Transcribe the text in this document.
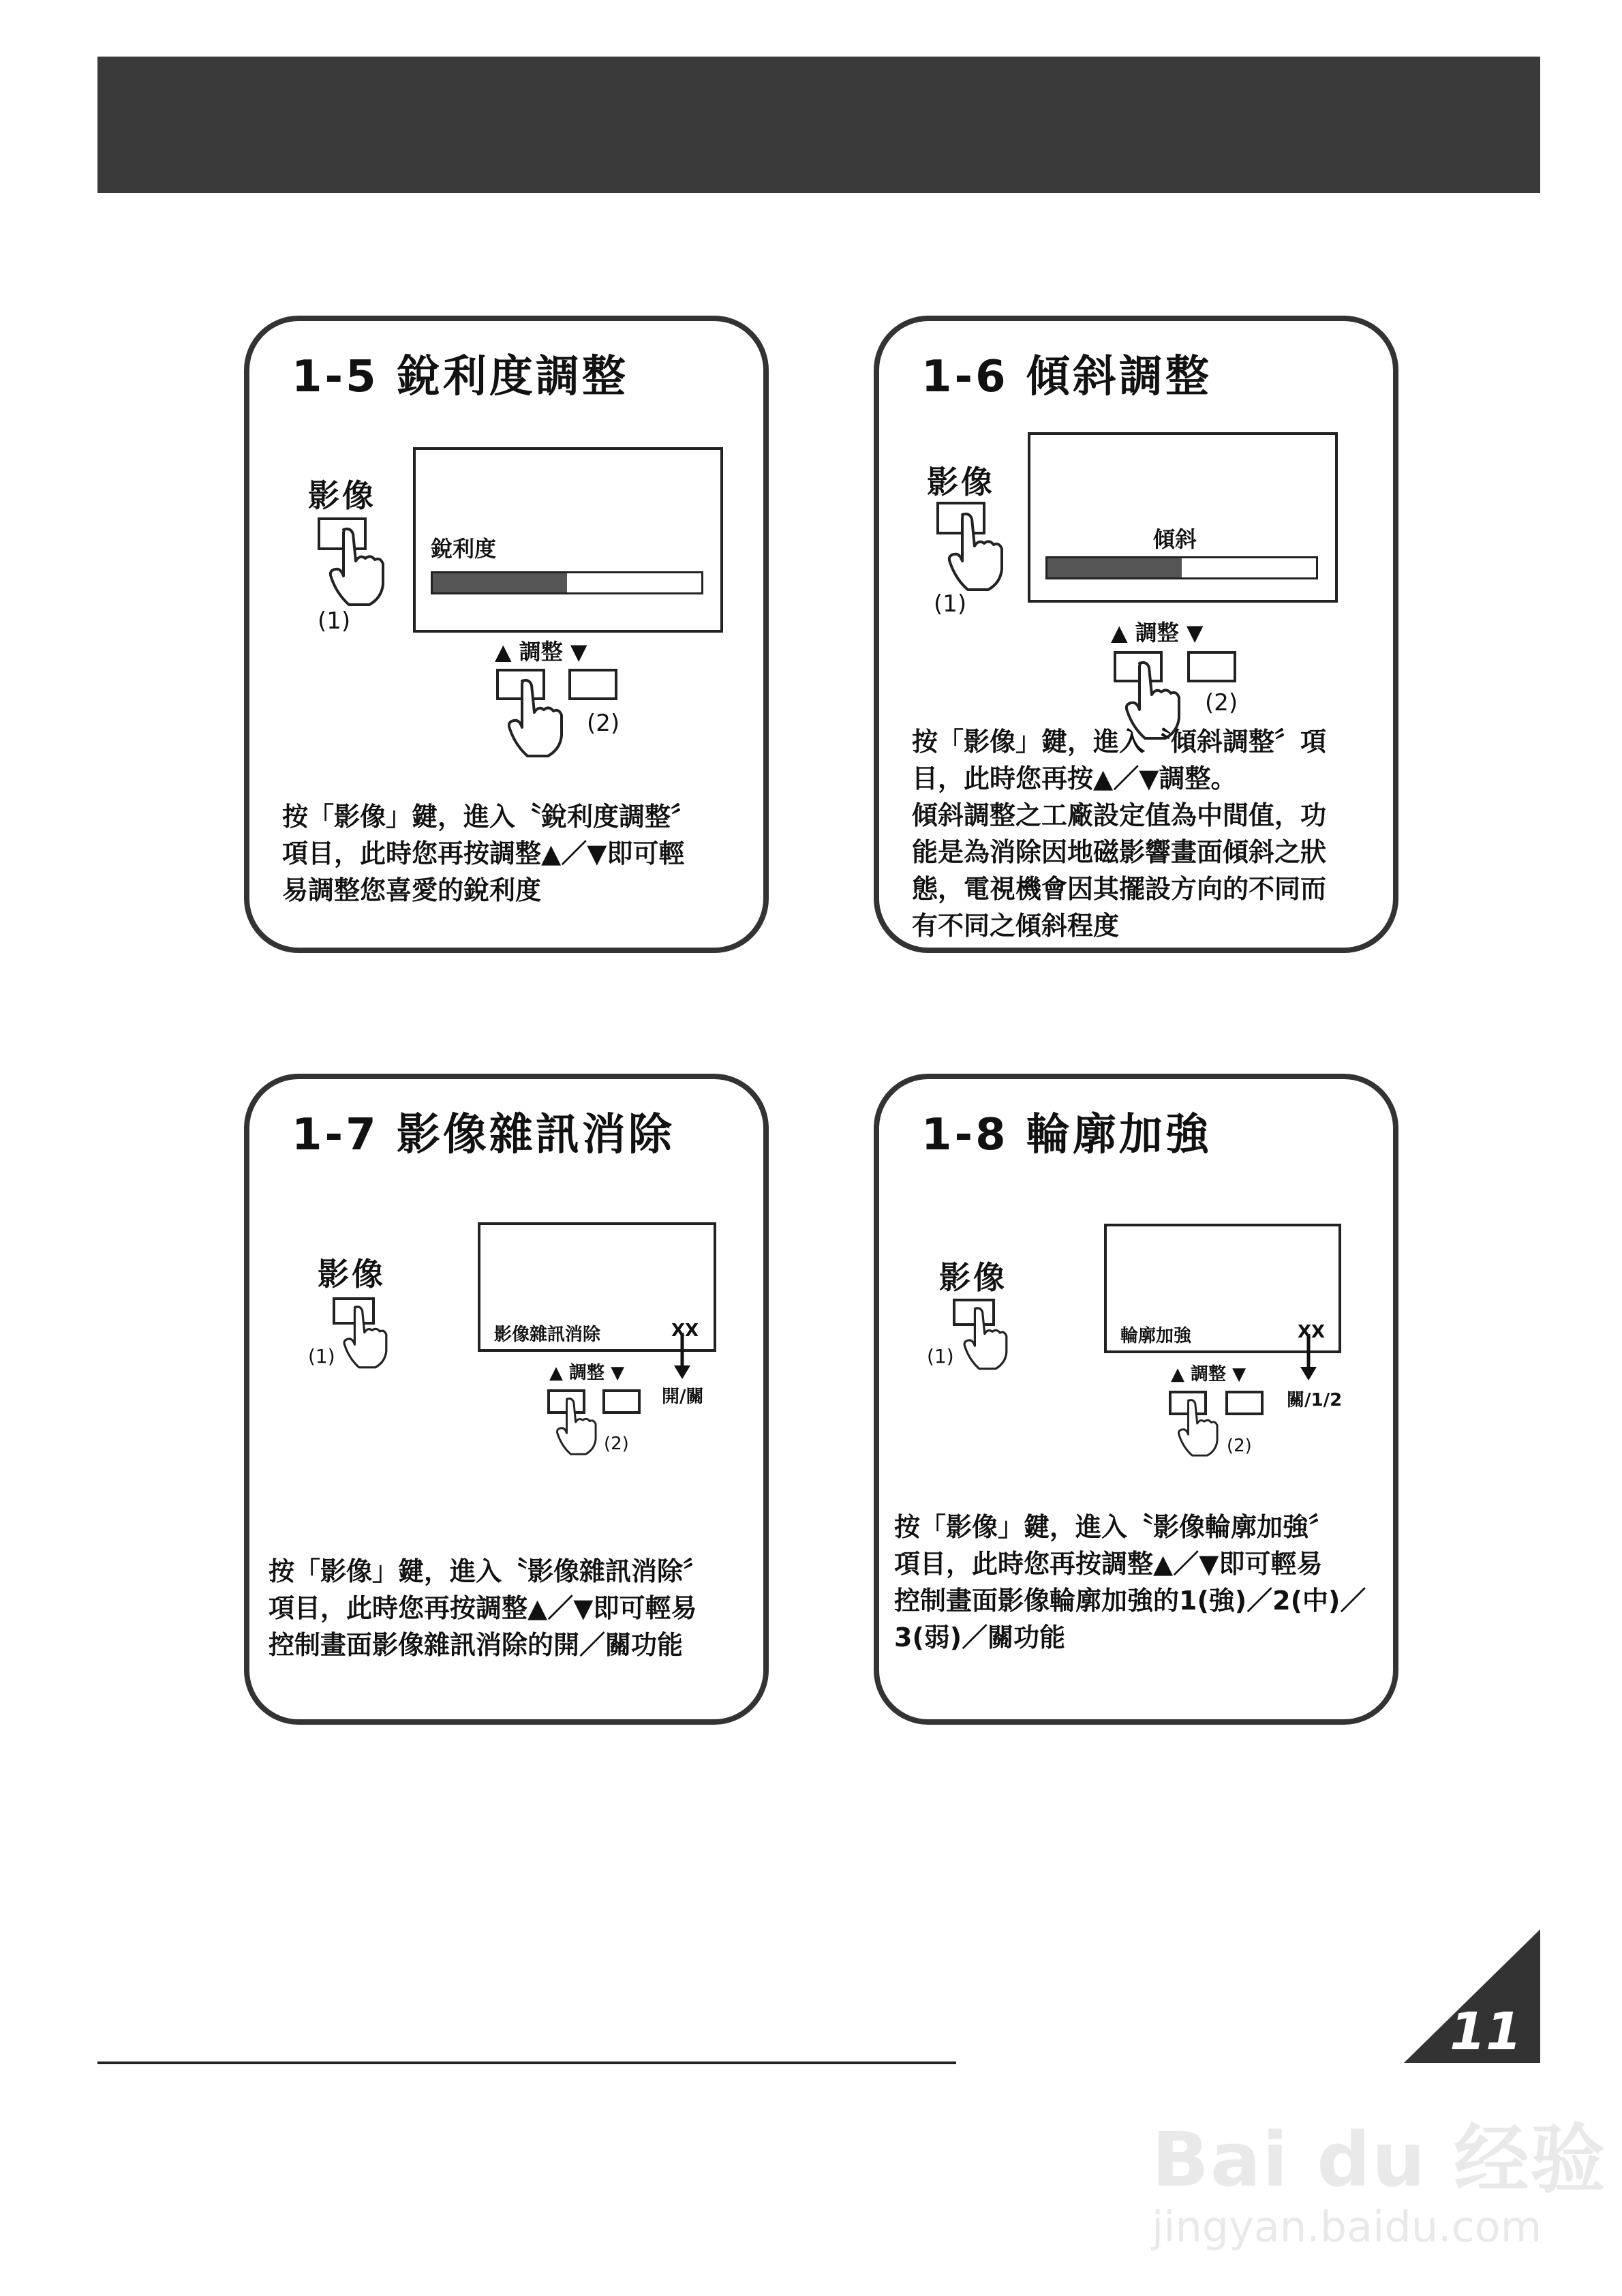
11
1-5 銳利度調整
影像
(1)
銳利度
▲ 調整 ▼
(2)
按「影像」鍵，進入〝銳利度調整〞
項目，此時您再按調整▲／▼即可輕
易調整您喜愛的銳利度
1-6 傾斜調整
影像
(1)
傾斜
▲ 調整 ▼
(2)
按「影像」鍵，進入〝傾斜調整〞項
目，此時您再按▲／▼調整。
傾斜調整之工廠設定值為中間值，功
能是為消除因地磁影響畫面傾斜之狀
態，電視機會因其擺設方向的不同而
有不同之傾斜程度
1-7 影像雜訊消除
影像
(1)
影像雜訊消除	XX
開/關
▲ 調整 ▼
(2)
按「影像」鍵，進入〝影像雜訊消除〞
項目，此時您再按調整▲／▼即可輕易
控制畫面影像雜訊消除的開／關功能
1-8 輪廓加強
影像
(1)
輪廓加強	XX
關/1/2
▲ 調整 ▼
(2)
按「影像」鍵，進入〝影像輪廓加強〞
項目，此時您再按調整▲／▼即可輕易
控制畫面影像輪廓加強的1(強)／2(中)／
3(弱)／關功能
Bai du 经验
jingyan.baidu.com
